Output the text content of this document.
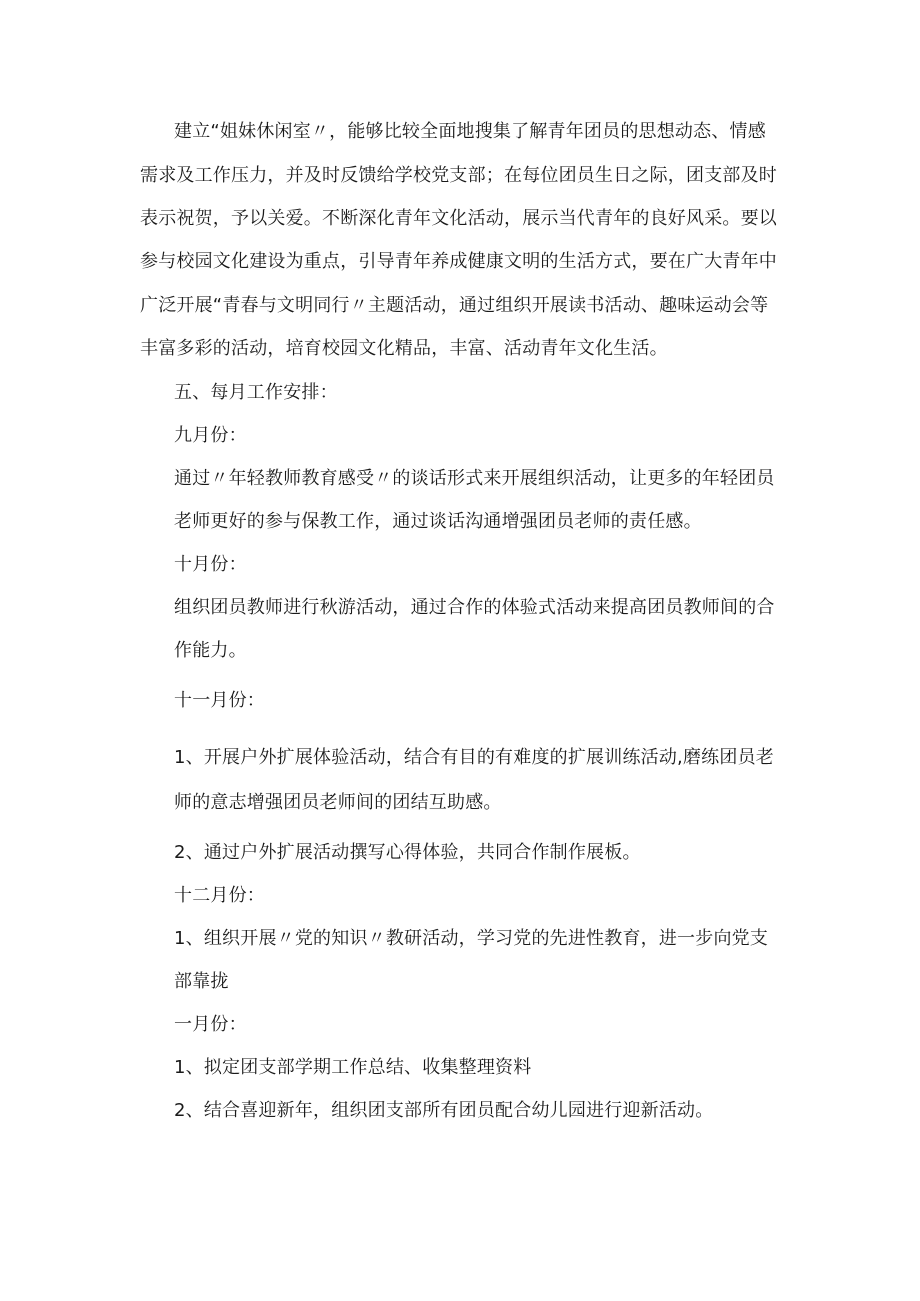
建立“姐妹休闲室〃，能够比较全面地搜集了解青年团员的思想动态、情感
需求及工作压力，并及时反馈给学校党支部；在每位团员生日之际，团支部及时
表示祝贺，予以关爱。不断深化青年文化活动，展示当代青年的良好风采。要以
参与校园文化建设为重点，引导青年养成健康文明的生活方式，要在广大青年中
广泛开展“青春与文明同行〃主题活动，通过组织开展读书活动、趣味运动会等
丰富多彩的活动，培育校园文化精品，丰富、活动青年文化生活。
五、每月工作安排：
九月份：
通过〃年轻教师教育感受〃的谈话形式来开展组织活动，让更多的年轻团员
老师更好的参与保教工作，通过谈话沟通增强团员老师的责任感。
十月份：
组织团员教师进行秋游活动，通过合作的体验式活动来提高团员教师间的合
作能力。
十一月份：
1、开展户外扩展体验活动，结合有目的有难度的扩展训练活动,磨练团员老
师的意志增强团员老师间的团结互助感。
2、通过户外扩展活动撰写心得体验，共同合作制作展板。
十二月份：
1、组织开展〃党的知识〃教研活动，学习党的先进性教育，进一步向党支
部靠拢
一月份：
1、拟定团支部学期工作总结、收集整理资料
2、结合喜迎新年，组织团支部所有团员配合幼儿园进行迎新活动。
